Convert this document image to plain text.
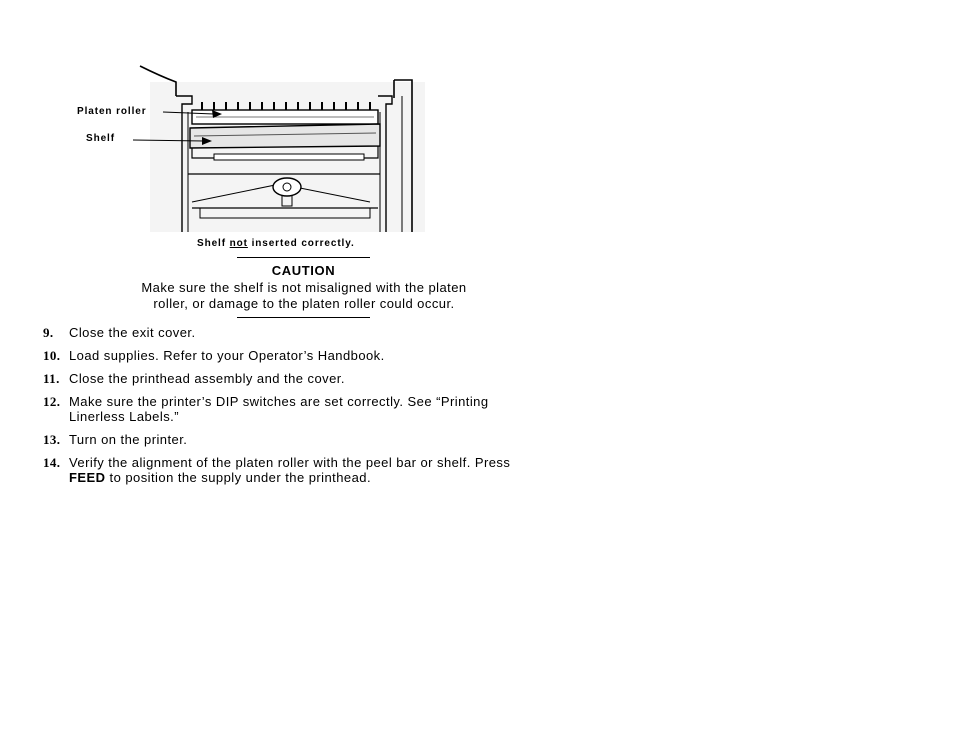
Platen roller
Shelf
Shelf not inserted correctly.
CAUTION
Make sure the shelf is not misaligned with the platen
roller, or damage to the platen roller could occur.
9. Close the exit cover.
10. Load supplies. Refer to your Operator’s Handbook.
11. Close the printhead assembly and the cover.
12. Make sure the printer’s DIP switches are set correctly. See “Printing
Linerless Labels.”
13. Turn on the printer.
14. Verify the alignment of the platen roller with the peel bar or shelf. Press
FEED to position the supply under the printhead.
